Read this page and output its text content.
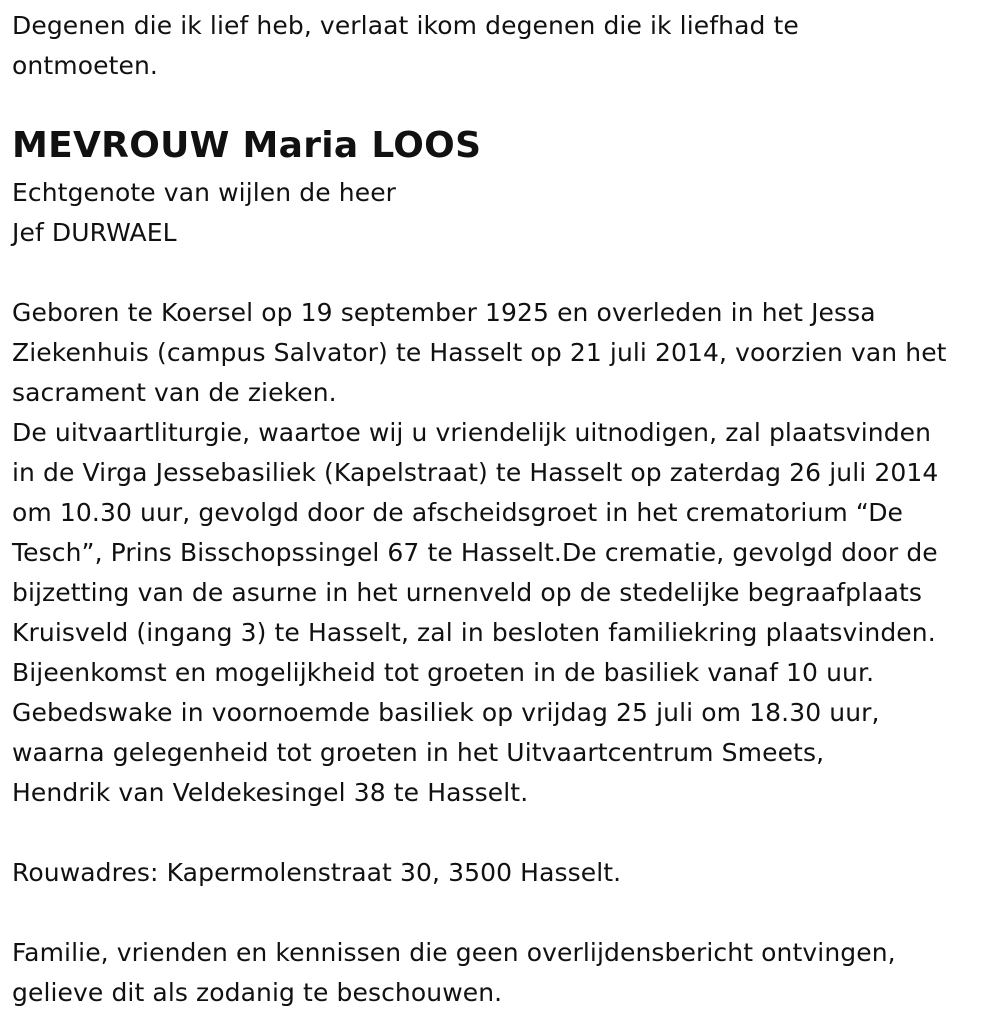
Degenen die ik lief heb, verlaat ikom degenen die ik liefhad te
ontmoeten.
MEVROUW Maria LOOS
Echtgenote van wijlen de heer
Jef DURWAEL
Geboren te Koersel op 19 september 1925 en overleden in het Jessa
Ziekenhuis (campus Salvator) te Hasselt op 21 juli 2014, voorzien van het
sacrament van de zieken.
De uitvaartliturgie, waartoe wij u vriendelijk uitnodigen, zal plaatsvinden
in de Virga Jessebasiliek (Kapelstraat) te Hasselt op zaterdag 26 juli 2014
om 10.30 uur, gevolgd door de afscheidsgroet in het crematorium “De
Tesch”, Prins Bisschopssingel 67 te Hasselt.De crematie, gevolgd door de
bijzetting van de asurne in het urnenveld op de stedelijke begraafplaats
Kruisveld (ingang 3) te Hasselt, zal in besloten familiekring plaatsvinden.
Bijeenkomst en mogelijkheid tot groeten in de basiliek vanaf 10 uur.
Gebedswake in voornoemde basiliek op vrijdag 25 juli om 18.30 uur,
waarna gelegenheid tot groeten in het Uitvaartcentrum Smeets,
Hendrik van Veldekesingel 38 te Hasselt.
Rouwadres: Kapermolenstraat 30, 3500 Hasselt.
Familie, vrienden en kennissen die geen overlijdensbericht ontvingen,
gelieve dit als zodanig te beschouwen.
